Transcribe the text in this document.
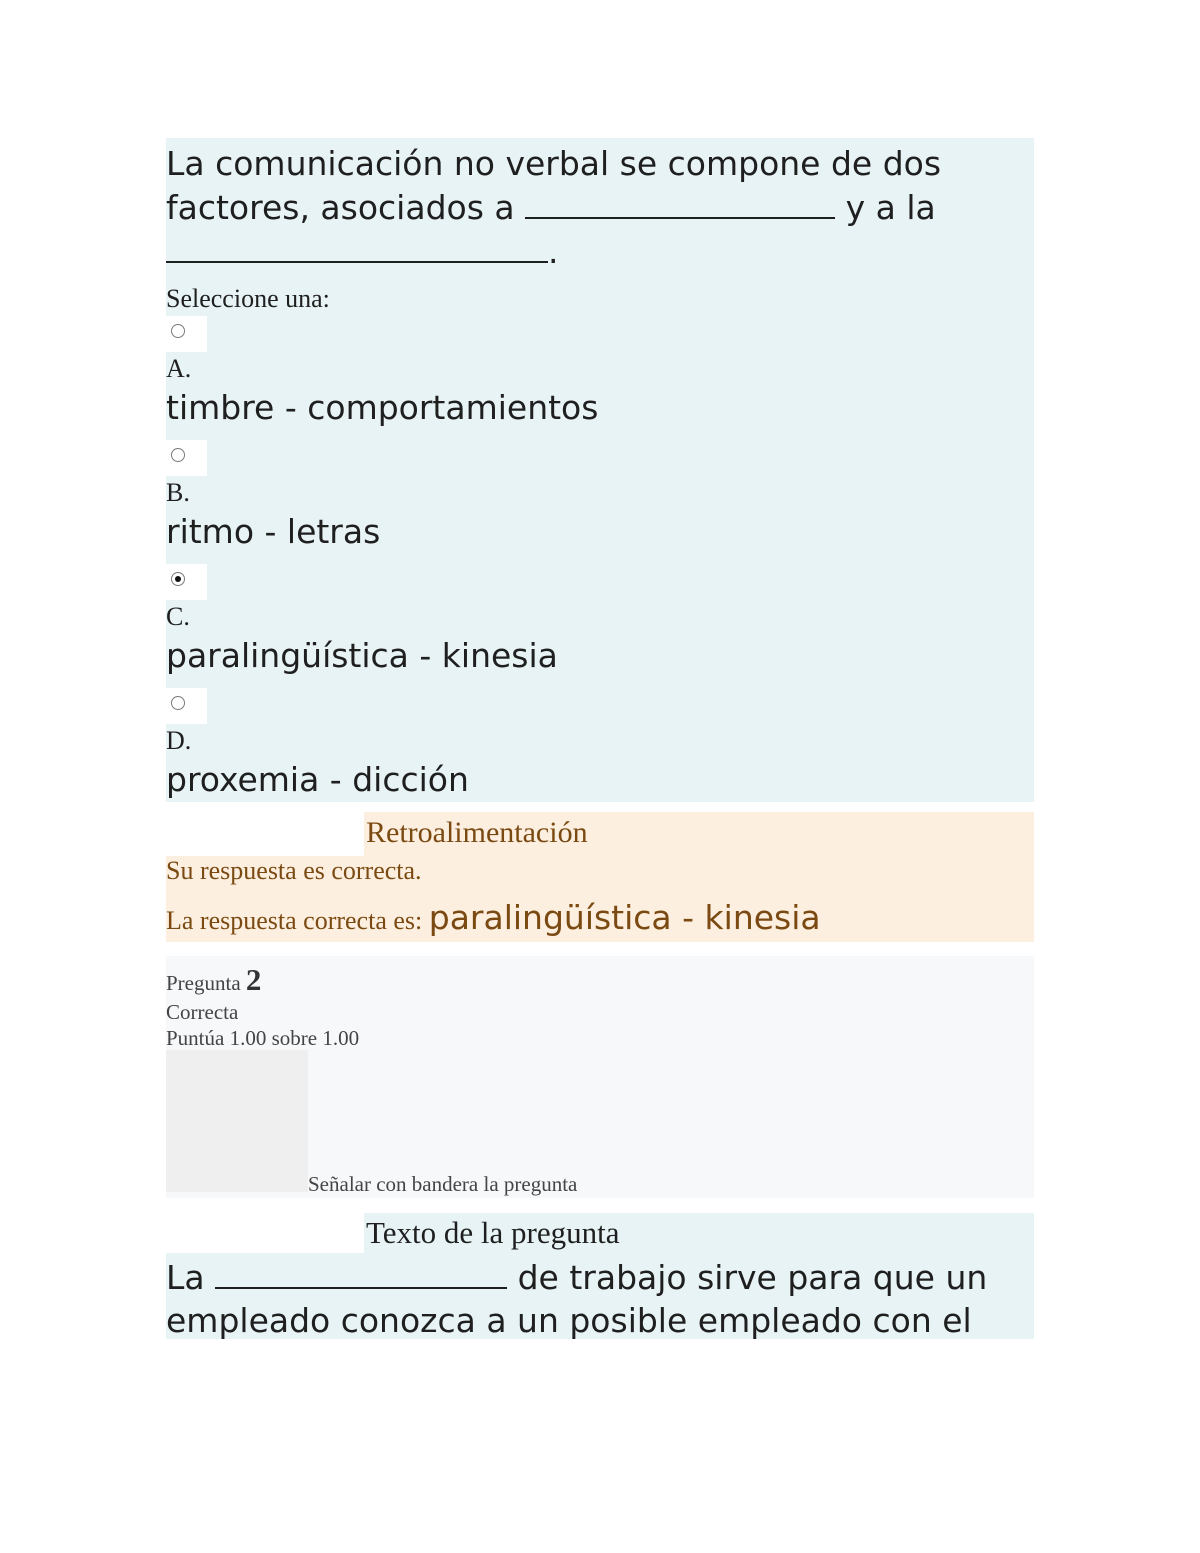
La comunicación no verbal se compone de dos factores, asociados a	y a la
.

Seleccione una:
A.
timbre - comportamientos
B.
ritmo - letras
C.
paralingüística - kinesia
D.
proxemia - dicción
Retroalimentación
Su respuesta es correcta.
La respuesta correcta es: paralingüística - kinesia
Pregunta 2
Correcta
Puntúa 1.00 sobre 1.00
Señalar con bandera la pregunta
Texto de la pregunta

La	de trabajo sirve para que un empleado conozca a un posible empleado con el
